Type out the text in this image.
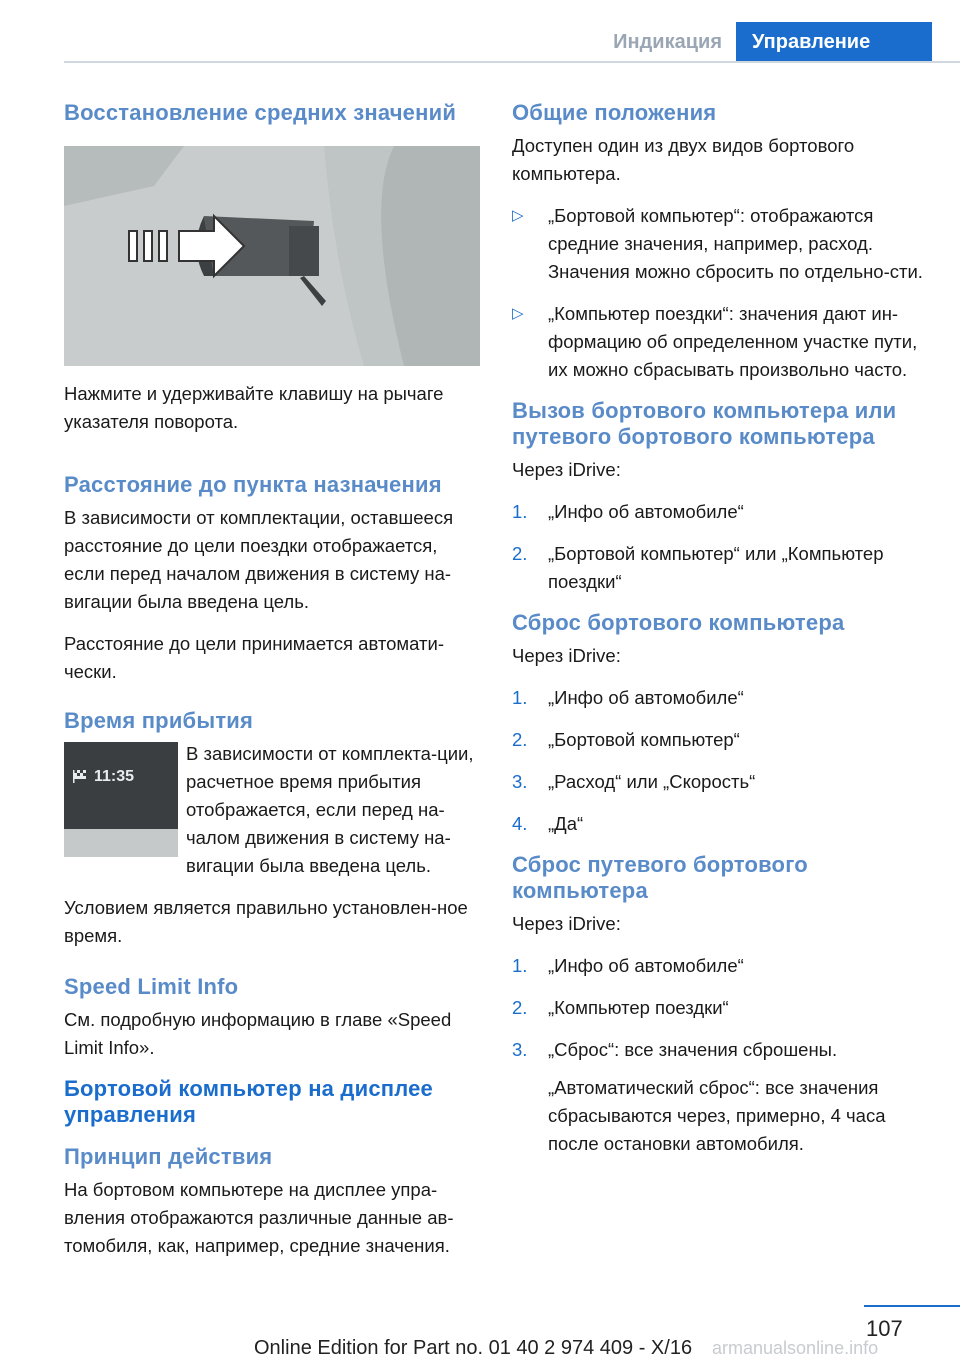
Индикация	Управление
Восстановление средних значений

Нажмите и удерживайте клавишу на рычаге указателя поворота.

Расстояние до пункта назначения

В зависимости от комплектации, оставшееся расстояние до цели поездки отображается, если перед началом движения в систему на-вигации была введена цель.

Расстояние до цели принимается автомати-чески.

Время прибытия
11:35

В зависимости от комплекта-ции, расчетное время прибытия отображается, если перед на-чалом движения в систему на-вигации была введена цель.

Условием является правильно установлен-ное время.

Speed Limit Info

См. подробную информацию в главе «Speed Limit Info».

Бортовой компьютер на дисплее управления
Принцип действия

На бортовом компьютере на дисплее упра-вления отображаются различные данные ав-томобиля, как, например, средние значения.

Общие положения

Доступен один из двух видов бортового компьютера.

▷ „Бортовой компьютер“: отображаются средние значения, например, расход. Значения можно сбросить по отдельно-сти.
▷ „Компьютер поездки“: значения дают ин-формацию об определенном участке пути, их можно сбрасывать произвольно часто.
Вызов бортового компьютера или путевого бортового компьютера

Через iDrive:

1. „Инфо об автомобиле“
2. „Бортовой компьютер“ или „Компьютер поездки“
Сброс бортового компьютера

Через iDrive:

1. „Инфо об автомобиле“
2. „Бортовой компьютер“
3. „Расход“ или „Скорость“
4. „Да“
Сброс путевого бортового компьютера

Через iDrive:

1. „Инфо об автомобиле“
2. „Компьютер поездки“
3. „Сброс“: все значения сброшены.
„Автоматический сброс“: все значения сбрасываются через, примерно, 4 часа после остановки автомобиля.
107
Online Edition for Part no. 01 40 2 974 409 - X/16 armanualsonline.info
